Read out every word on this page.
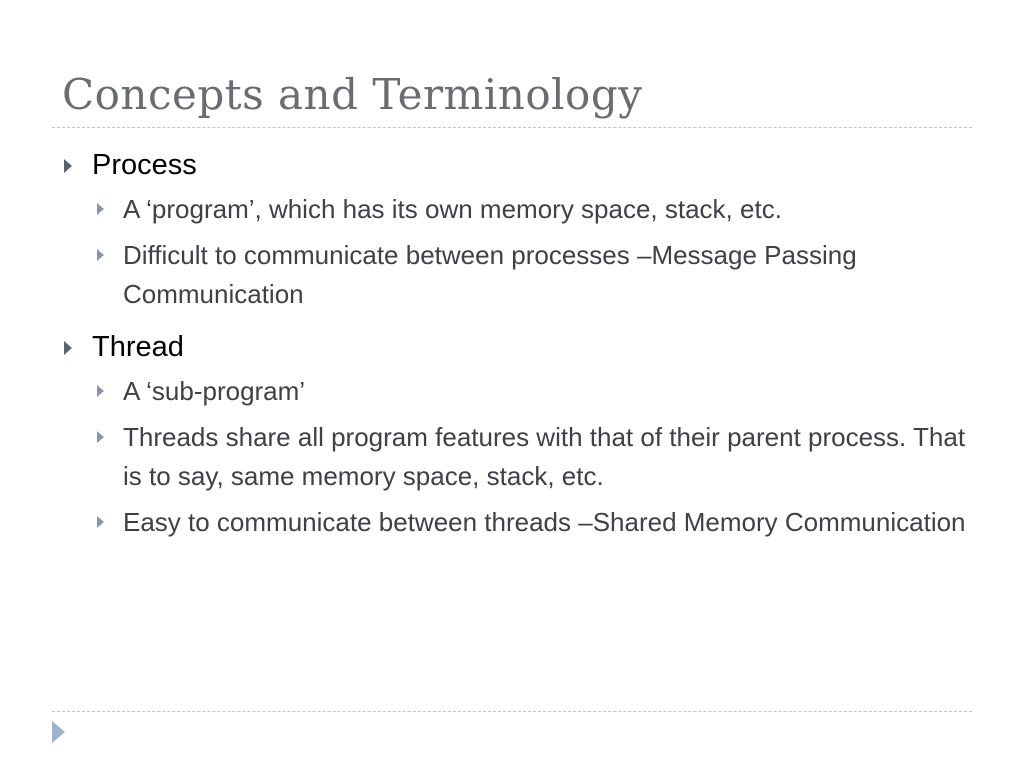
Concepts and Terminology
Process
A ‘program’, which has its own memory space, stack, etc.
Difficult to communicate between processes –Message Passing Communication
Thread
A ‘sub-program’
Threads share all program features with that of their parent process. That is to say, same memory space, stack, etc.
Easy to communicate between threads –Shared Memory Communication
